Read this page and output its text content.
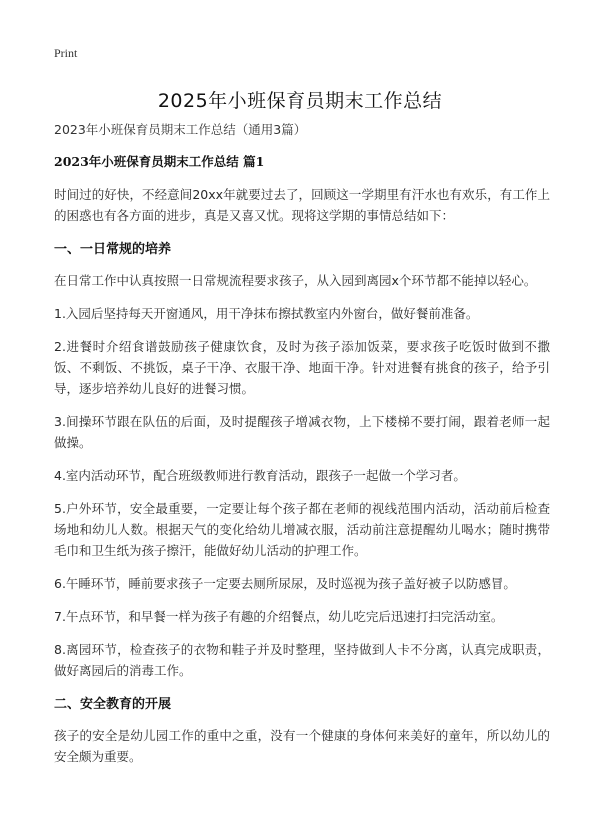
Print
2025年小班保育员期末工作总结
2023年小班保育员期末工作总结（通用3篇）
2023年小班保育员期末工作总结 篇1

时间过的好快，不经意间20xx年就要过去了，回顾这一学期里有汗水也有欢乐，有工作上的困惑也有各方面的进步，真是又喜又忧。现将这学期的事情总结如下：

一、一日常规的培养

在日常工作中认真按照一日常规流程要求孩子，从入园到离园x个环节都不能掉以轻心。

1.入园后坚持每天开窗通风，用干净抹布擦拭教室内外窗台，做好餐前准备。

2.进餐时介绍食谱鼓励孩子健康饮食，及时为孩子添加饭菜，要求孩子吃饭时做到不撒饭、不剩饭、不挑饭，桌子干净、衣服干净、地面干净。针对进餐有挑食的孩子，给予引导，逐步培养幼儿良好的进餐习惯。

3.间操环节跟在队伍的后面，及时提醒孩子增减衣物，上下楼梯不要打闹，跟着老师一起做操。

4.室内活动环节，配合班级教师进行教育活动，跟孩子一起做一个学习者。

5.户外环节，安全最重要，一定要让每个孩子都在老师的视线范围内活动，活动前后检查场地和幼儿人数。根据天气的变化给幼儿增减衣服，活动前注意提醒幼儿喝水；随时携带毛巾和卫生纸为孩子擦汗，能做好幼儿活动的护理工作。

6.午睡环节，睡前要求孩子一定要去厕所尿尿，及时巡视为孩子盖好被子以防感冒。

7.午点环节，和早餐一样为孩子有趣的介绍餐点，幼儿吃完后迅速打扫完活动室。

8.离园环节，检查孩子的衣物和鞋子并及时整理，坚持做到人卡不分离，认真完成职责，做好离园后的消毒工作。

二、安全教育的开展

孩子的安全是幼儿园工作的重中之重，没有一个健康的身体何来美好的童年，所以幼儿的安全颇为重要。
